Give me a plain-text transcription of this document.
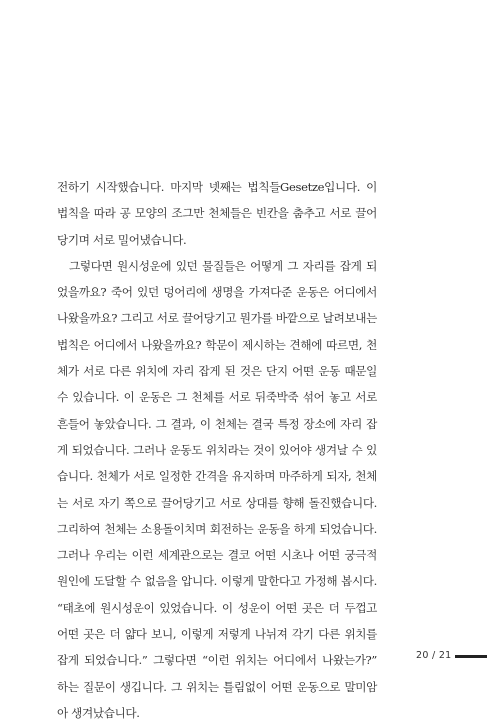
전하기 시작했습니다. 마지막 넷째는 법칙들Gesetze입니다. 이 법칙을 따라 공 모양의 조그만 천체들은 빈칸을 춤추고 서로 끌어당기며 서로 밀어냈습니다.

그렇다면 원시성운에 있던 물질들은 어떻게 그 자리를 잡게 되었을까요? 죽어 있던 덩어리에 생명을 가져다준 운동은 어디에서 나왔을까요? 그리고 서로 끌어당기고 뭔가를 바깥으로 날려보내는 법칙은 어디에서 나왔을까요? 학문이 제시하는 견해에 따르면, 천체가 서로 다른 위치에 자리 잡게 된 것은 단지 어떤 운동 때문일 수 있습니다. 이 운동은 그 천체를 서로 뒤죽박죽 섞어 놓고 서로 흔들어 놓았습니다. 그 결과, 이 천체는 결국 특정 장소에 자리 잡게 되었습니다. 그러나 운동도 위치라는 것이 있어야 생겨날 수 있습니다. 천체가 서로 일정한 간격을 유지하며 마주하게 되자, 천체는 서로 자기 쪽으로 끌어당기고 서로 상대를 향해 돌진했습니다. 그리하여 천체는 소용돌이치며 회전하는 운동을 하게 되었습니다. 그러나 우리는 이런 세계관으로는 결코 어떤 시초나 어떤 궁극적 원인에 도달할 수 없음을 압니다. 이렇게 말한다고 가정해 봅시다. “태초에 원시성운이 있었습니다. 이 성운이 어떤 곳은 더 두껍고 어떤 곳은 더 얇다 보니, 이렇게 저렇게 나뉘져 각기 다른 위치를 잡게 되었습니다.” 그렇다면 “이런 위치는 어디에서 나왔는가?” 하는 질문이 생깁니다. 그 위치는 틀림없이 어떤 운동으로 말미암아 생겨났습니다.

20 / 21
